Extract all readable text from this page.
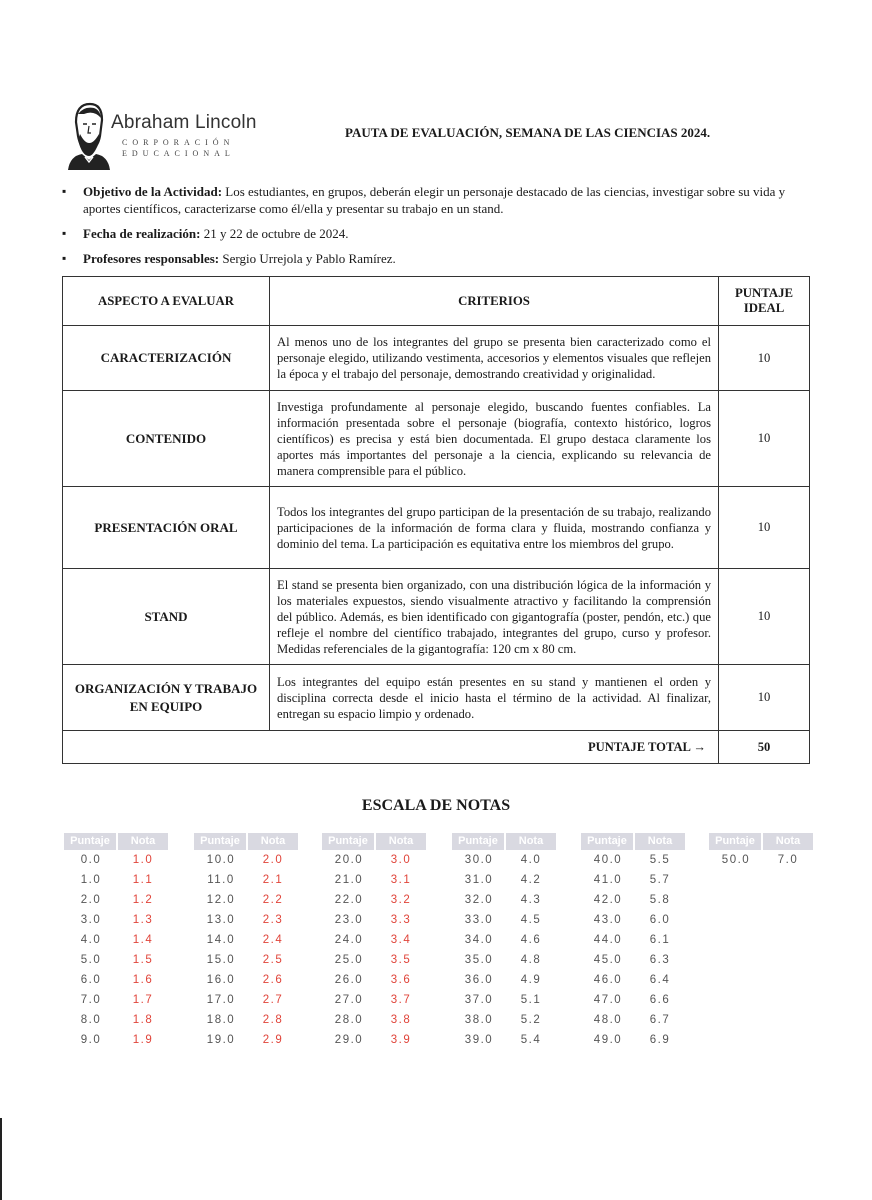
Abraham Lincoln
CORPORACIÓN
EDUCACIONAL
PAUTA DE EVALUACIÓN, SEMANA DE LAS CIENCIAS 2024.
▪ Objetivo de la Actividad: Los estudiantes, en grupos, deberán elegir un personaje destacado de las ciencias, investigar sobre su vida y aportes científicos, caracterizarse como él/ella y presentar su trabajo en un stand.
▪ Fecha de realización: 21 y 22 de octubre de 2024.
▪ Profesores responsables: Sergio Urrejola y Pablo Ramírez.
ASPECTO A EVALUAR	CRITERIOS	PUNTAJE IDEAL
CARACTERIZACIÓN	Al menos uno de los integrantes del grupo se presenta bien caracterizado como el personaje elegido, utilizando vestimenta, accesorios y elementos visuales que reflejen la época y el trabajo del personaje, demostrando creatividad y originalidad.	10
CONTENIDO	Investiga profundamente al personaje elegido, buscando fuentes confiables. La información presentada sobre el personaje (biografía, contexto histórico, logros científicos) es precisa y está bien documentada. El grupo destaca claramente los aportes más importantes del personaje a la ciencia, explicando su relevancia de manera comprensible para el público.	10
PRESENTACIÓN ORAL	Todos los integrantes del grupo participan de la presentación de su trabajo, realizando participaciones de la información de forma clara y fluida, mostrando confianza y dominio del tema. La participación es equitativa entre los miembros del grupo.	10
STAND	El stand se presenta bien organizado, con una distribución lógica de la información y los materiales expuestos, siendo visualmente atractivo y facilitando la comprensión del público. Además, es bien identificado con gigantografía (poster, pendón, etc.) que refleje el nombre del científico trabajado, integrantes del grupo, curso y profesor. Medidas referenciales de la gigantografía: 120 cm x 80 cm.	10
ORGANIZACIÓN Y TRABAJO EN EQUIPO	Los integrantes del equipo están presentes en su stand y mantienen el orden y disciplina correcta desde el inicio hasta el término de la actividad. Al finalizar, entregan su espacio limpio y ordenado.	10
PUNTAJE TOTAL →		50
ESCALA DE NOTAS
Puntaje	Nota
0.0	1.0
1.0	1.1
2.0	1.2
3.0	1.3
4.0	1.4
5.0	1.5
6.0	1.6
7.0	1.7
8.0	1.8
9.0	1.9
Puntaje	Nota
10.0	2.0
11.0	2.1
12.0	2.2
13.0	2.3
14.0	2.4
15.0	2.5
16.0	2.6
17.0	2.7
18.0	2.8
19.0	2.9
Puntaje	Nota
20.0	3.0
21.0	3.1
22.0	3.2
23.0	3.3
24.0	3.4
25.0	3.5
26.0	3.6
27.0	3.7
28.0	3.8
29.0	3.9
Puntaje	Nota
30.0	4.0
31.0	4.2
32.0	4.3
33.0	4.5
34.0	4.6
35.0	4.8
36.0	4.9
37.0	5.1
38.0	5.2
39.0	5.4
Puntaje	Nota
40.0	5.5
41.0	5.7
42.0	5.8
43.0	6.0
44.0	6.1
45.0	6.3
46.0	6.4
47.0	6.6
48.0	6.7
49.0	6.9
Puntaje	Nota
50.0	7.0
